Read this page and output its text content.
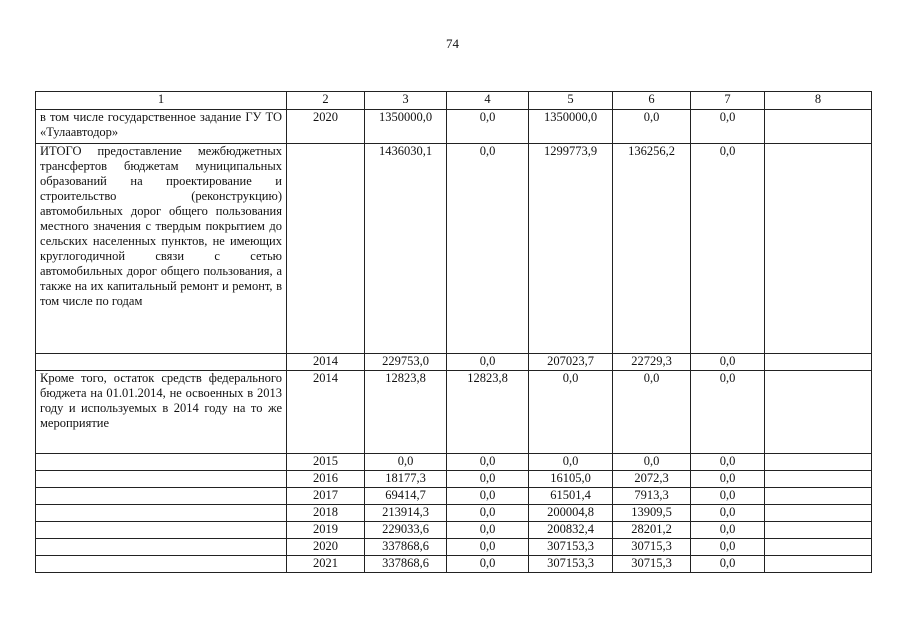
74
1	2	3	4	5	6	7	8
в том числе государственное задание ГУ ТО «Тулаавтодор»	2020	1350000,0	0,0	1350000,0	0,0	0,0	
ИТОГО предоставление межбюджетных трансфертов бюджетам муниципальных образований на проектирование и строительство (реконструкцию) автомобильных дорог общего пользования местного значения с твердым покрытием до сельских населенных пунктов, не имеющих круглогодичной связи с сетью автомобильных дорог общего пользования, а также на их капитальный ремонт и ремонт, в том числе по годам		1436030,1	0,0	1299773,9	136256,2	0,0	
	2014	229753,0	0,0	207023,7	22729,3	0,0	
Кроме того, остаток средств федерального бюджета на 01.01.2014, не освоенных в 2013 году и используемых в 2014 году на то же мероприятие	2014	12823,8	12823,8	0,0	0,0	0,0	
	2015	0,0	0,0	0,0	0,0	0,0	
	2016	18177,3	0,0	16105,0	2072,3	0,0	
	2017	69414,7	0,0	61501,4	7913,3	0,0	
	2018	213914,3	0,0	200004,8	13909,5	0,0	
	2019	229033,6	0,0	200832,4	28201,2	0,0	
	2020	337868,6	0,0	307153,3	30715,3	0,0	
	2021	337868,6	0,0	307153,3	30715,3	0,0	
